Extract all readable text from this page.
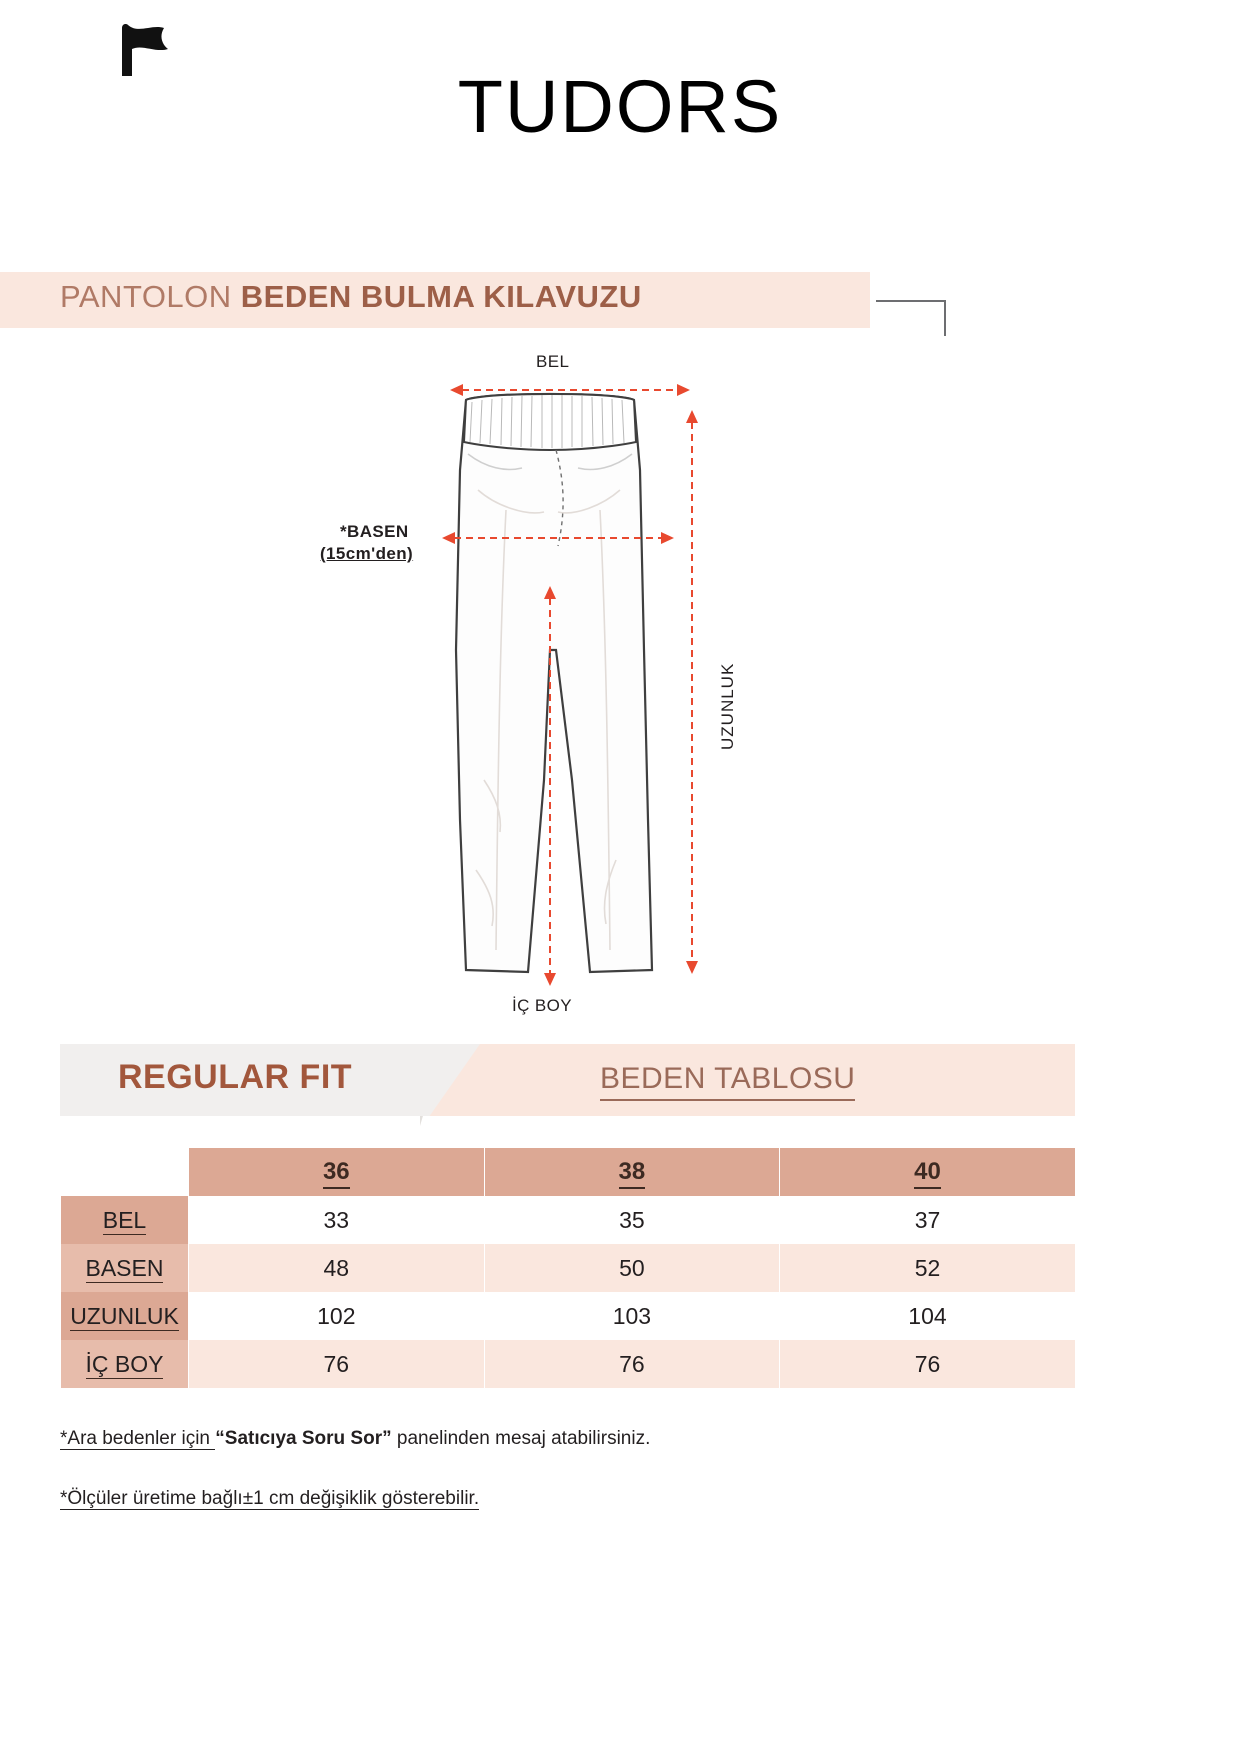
TUDORS
PANTOLON BEDEN BULMA KILAVUZU
BEL
*BASEN
(15cm'den)
UZUNLUK
İÇ BOY
REGULAR FIT	BEDEN TABLOSU
	36	38	40
BEL	33	35	37
BASEN	48	50	52
UZUNLUK	102	103	104
İÇ BOY	76	76	76
*Ara bedenler için “Satıcıya Soru Sor” panelinden mesaj atabilirsiniz.
*Ölçüler üretime bağlı±1 cm değişiklik gösterebilir.
